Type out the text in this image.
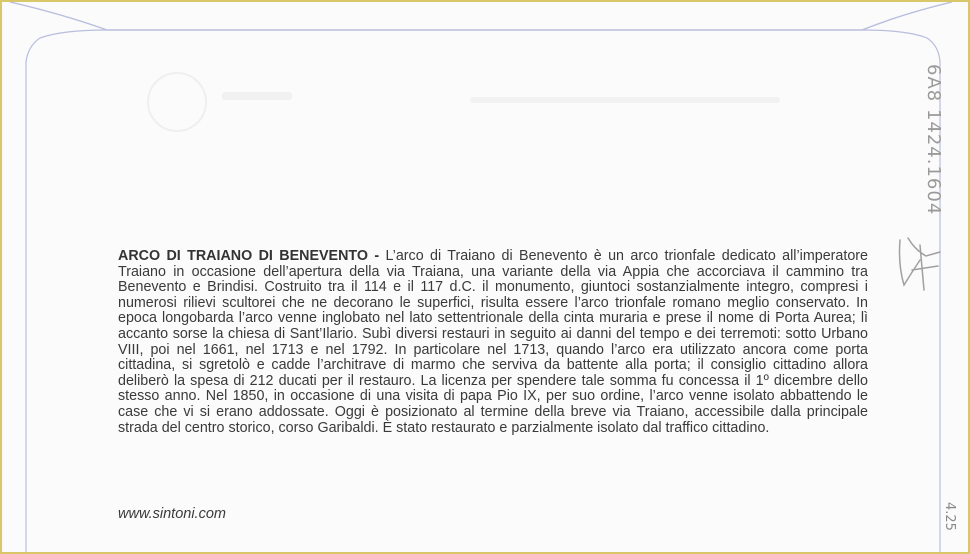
ARCO DI TRAIANO DI BENEVENTO - L’arco di Traiano di Benevento è un arco trionfale dedicato all’imperatore Traiano in occasione dell’apertura della via Traiana, una variante della via Appia che accorciava il cammino tra Benevento e Brindisi. Costruito tra il 114 e il 117 d.C. il monumento, giuntoci sostanzialmente integro, compresi i numerosi rilievi scultorei che ne decorano le superfici, risulta essere l’arco trionfale romano meglio conservato. In epoca longobarda l’arco venne inglobato nel lato settentrionale della cinta muraria e prese il nome di Porta Aurea; lì accanto sorse la chiesa di Sant’Ilario. Subì diversi restauri in seguito ai danni del tempo e dei terremoti: sotto Urbano VIII, poi nel 1661, nel 1713 e nel 1792. In particolare nel 1713, quando l’arco era utilizzato ancora come porta cittadina, si sgretolò e cadde l’architrave di marmo che serviva da battente alla porta; il consiglio cittadino allora deliberò la spesa di 212 ducati per il restauro. La licenza per spendere tale somma fu concessa il 1º dicembre dello stesso anno. Nel 1850, in occasione di una visita di papa Pio IX, per suo ordine, l’arco venne isolato abbattendo le case che vi si erano addossate. Oggi è posizionato al termine della breve via Traiano, accessibile dalla principale strada del centro storico, corso Garibaldi. È stato restaurato e parzialmente isolato dal traffico cittadino.
www.sintoni.com
6A8 1424.1604
4.25
